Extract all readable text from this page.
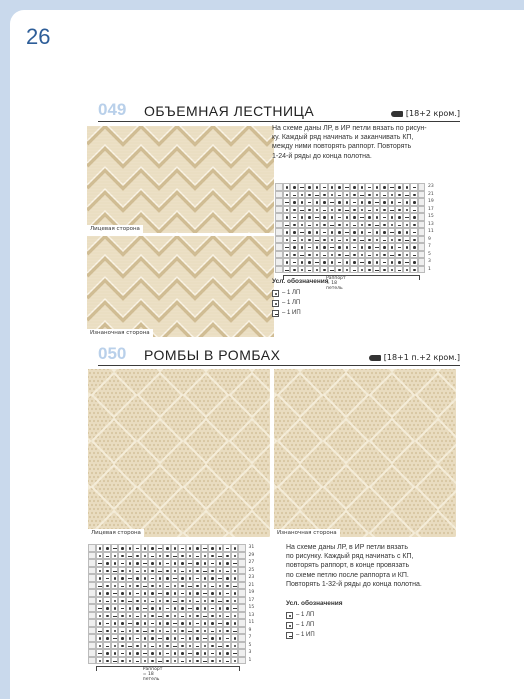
26
049 ОБЪЕМНАЯ ЛЕСТНИЦА	[18+2 кром.]
Лицевая сторона
Изнаночная сторона

На схеме даны ЛР, в ИР петли вязать по рисун-
ку. Каждый ряд начинать и заканчивать КП,
между ними повторять раппорт. Повторять
1-24-й ряды до конца полотна.

23
21
19
17
15
13
11
9
7
5
3
1
Раппорт = 18 петель
Усл. обозначения
– 1 ЛП
– 1 ЛП
– 1 ИП
050 РОМБЫ В РОМБАХ	[18+1 п.+2 кром.]
Лицевая сторона	Изнаночная сторона
31
29
27
25
23
21
19
17
15
13
11
9
7
5
3
1
Раппорт = 18 петель

На схеме даны ЛР, в ИР петли вязать
по рисунку. Каждый ряд начинать с КП,
повторять раппорт, в конце провязать
по схеме петлю после раппорта и КП.
Повторять 1-32-й ряды до конца полотна.

Усл. обозначения
– 1 ЛП
– 1 ЛП
– 1 ИП
